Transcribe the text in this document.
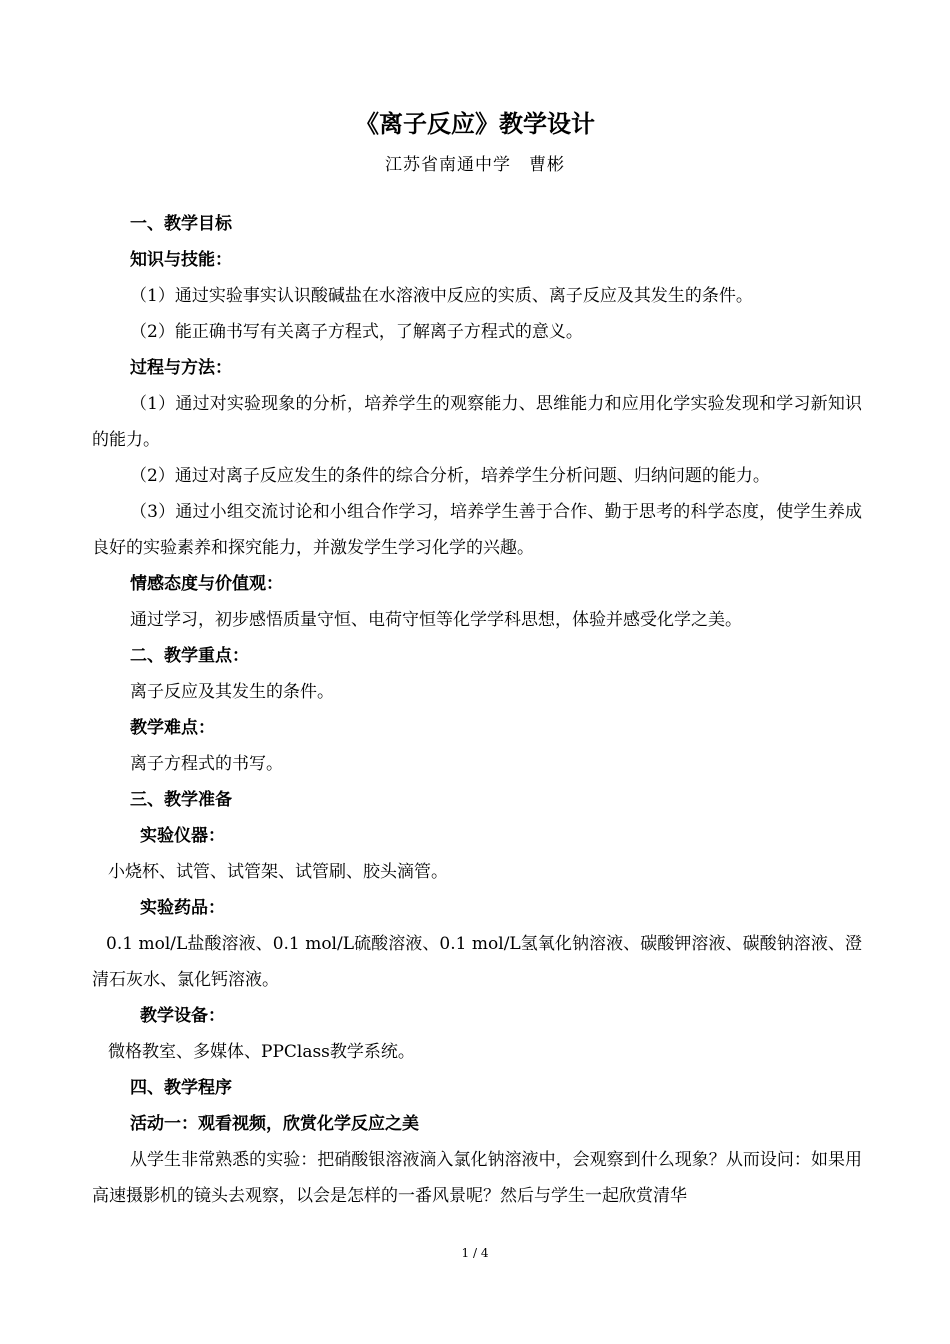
《离子反应》教学设计
江苏省南通中学　曹彬

一、教学目标

知识与技能：

（1）通过实验事实认识酸碱盐在水溶液中反应的实质、离子反应及其发生的条件。

（2）能正确书写有关离子方程式，了解离子方程式的意义。

过程与方法：

（1）通过对实验现象的分析，培养学生的观察能力、思维能力和应用化学实验发现和学习新知识的能力。

（2）通过对离子反应发生的条件的综合分析，培养学生分析问题、归纳问题的能力。

（3）通过小组交流讨论和小组合作学习，培养学生善于合作、勤于思考的科学态度，使学生养成良好的实验素养和探究能力，并激发学生学习化学的兴趣。

情感态度与价值观：

通过学习，初步感悟质量守恒、电荷守恒等化学学科思想，体验并感受化学之美。

二、教学重点：

离子反应及其发生的条件。

教学难点：

离子方程式的书写。

三、教学准备

实验仪器：

小烧杯、试管、试管架、试管刷、胶头滴管。

实验药品：

0.1 mol/L盐酸溶液、0.1 mol/L硫酸溶液、0.1 mol/L氢氧化钠溶液、碳酸钾溶液、碳酸钠溶液、澄清石灰水、氯化钙溶液。

教学设备：

微格教室、多媒体、PPClass教学系统。

四、教学程序

活动一：观看视频，欣赏化学反应之美

从学生非常熟悉的实验：把硝酸银溶液滴入氯化钠溶液中，会观察到什么现象？从而设问：如果用高速摄影机的镜头去观察，以会是怎样的一番风景呢？然后与学生一起欣赏清华

1 / 4
